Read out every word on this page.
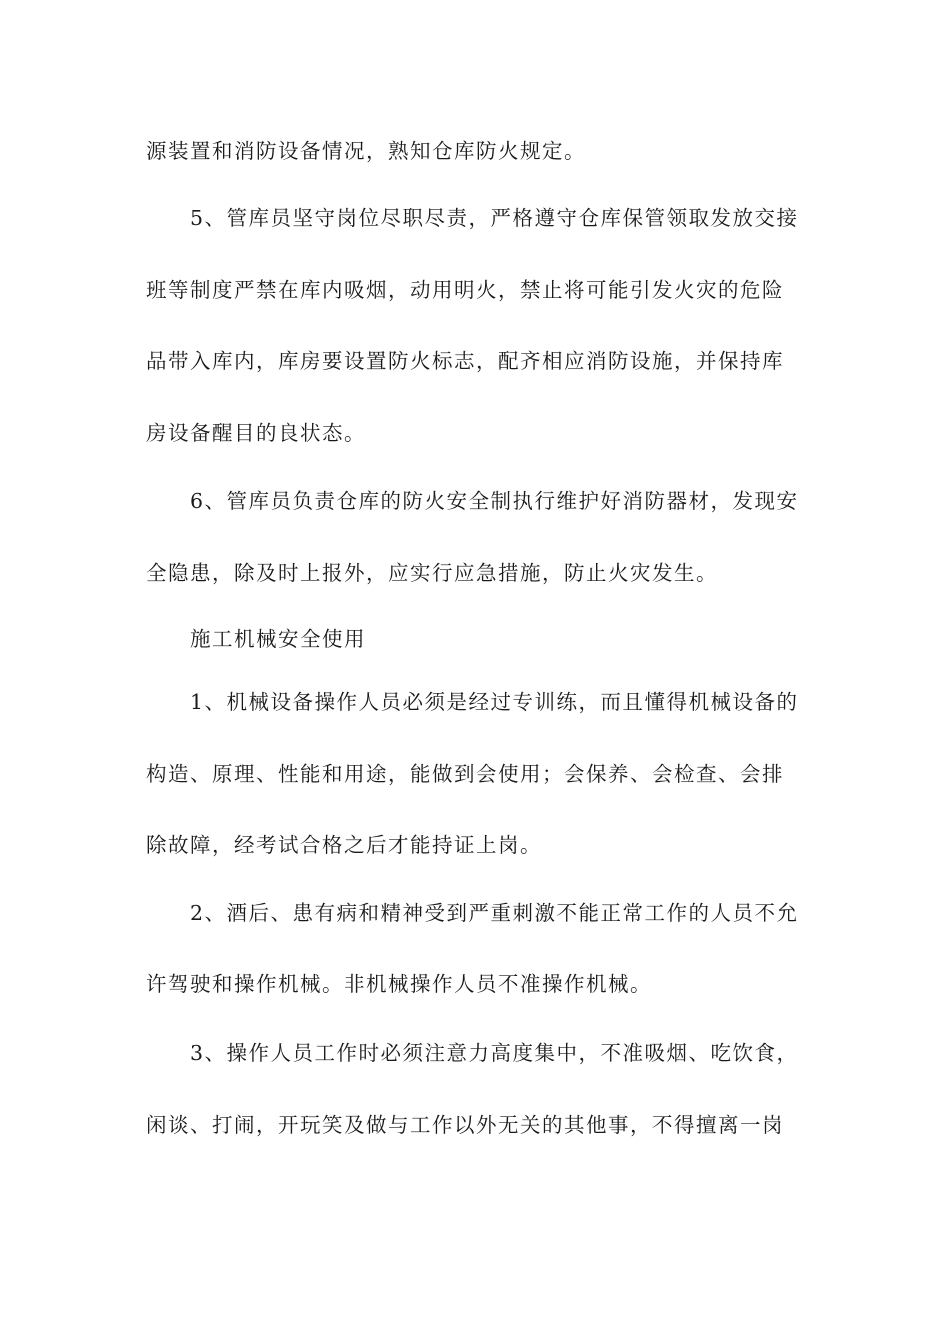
源装置和消防设备情况，熟知仓库防火规定。
5、管库员坚守岗位尽职尽责，严格遵守仓库保管领取发放交接
班等制度严禁在库内吸烟，动用明火，禁止将可能引发火灾的危险
品带入库内，库房要设置防火标志，配齐相应消防设施，并保持库
房设备醒目的良状态。
6、管库员负责仓库的防火安全制执行维护好消防器材，发现安
全隐患，除及时上报外，应实行应急措施，防止火灾发生。
施工机械安全使用
1、机械设备操作人员必须是经过专训练，而且懂得机械设备的
构造、原理、性能和用途，能做到会使用；会保养、会检查、会排
除故障，经考试合格之后才能持证上岗。
2、酒后、患有病和精神受到严重刺激不能正常工作的人员不允
许驾驶和操作机械。非机械操作人员不准操作机械。
3、操作人员工作时必须注意力高度集中，不准吸烟、吃饮食，
闲谈、打闹，开玩笑及做与工作以外无关的其他事，不得擅离一岗
